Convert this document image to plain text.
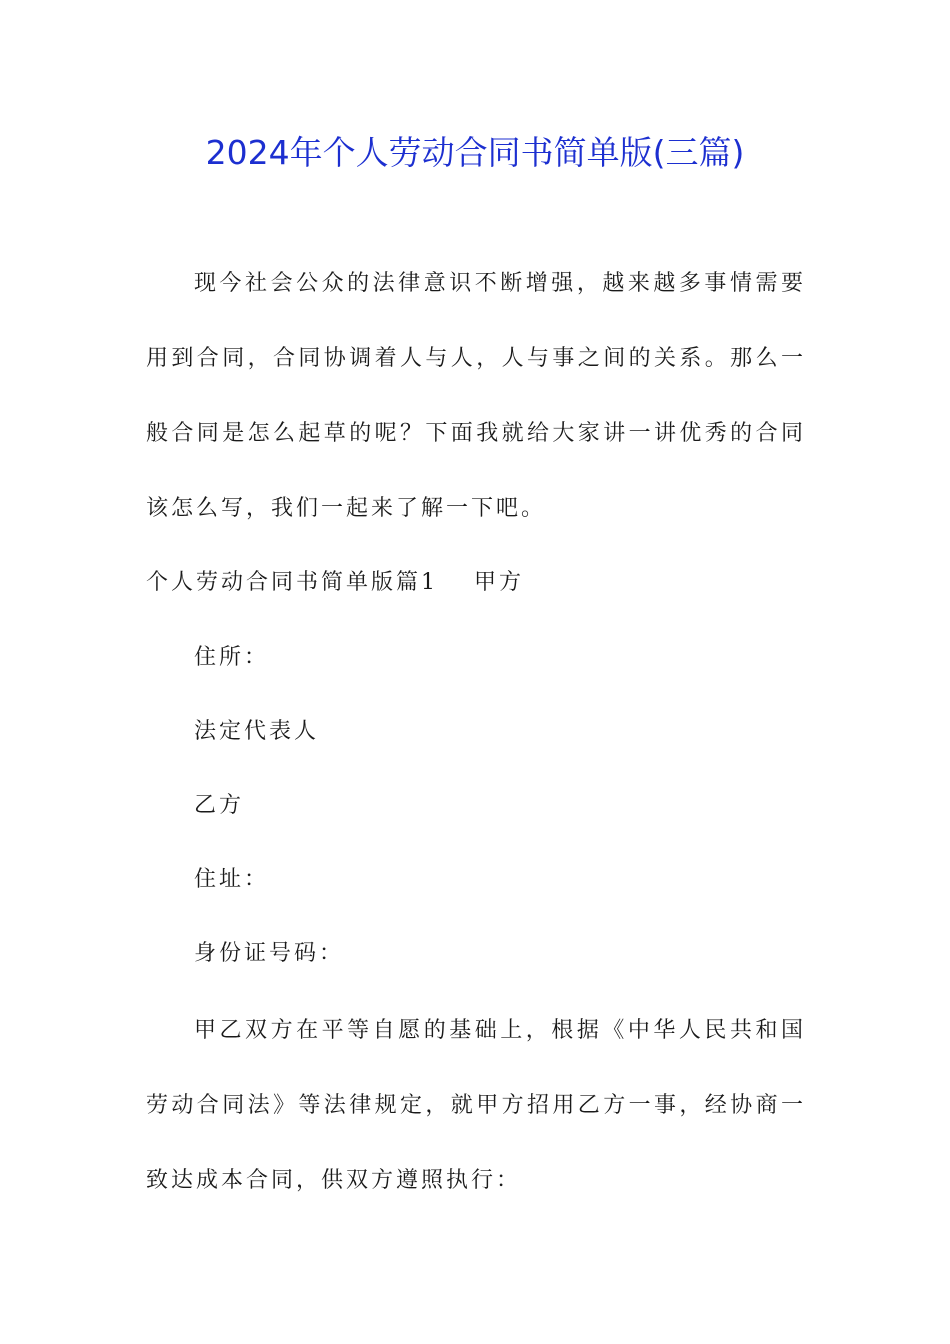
2024年个人劳动合同书简单版(三篇)
现今社会公众的法律意识不断增强，越来越多事情需要用到合同，合同协调着人与人，人与事之间的关系。那么一般合同是怎么起草的呢？下面我就给大家讲一讲优秀的合同该怎么写，我们一起来了解一下吧。
个人劳动合同书简单版篇1 甲方
住所：
法定代表人
乙方
住址：
身份证号码：
甲乙双方在平等自愿的基础上，根据《中华人民共和国劳动合同法》等法律规定，就甲方招用乙方一事，经协商一致达成本合同，供双方遵照执行：
